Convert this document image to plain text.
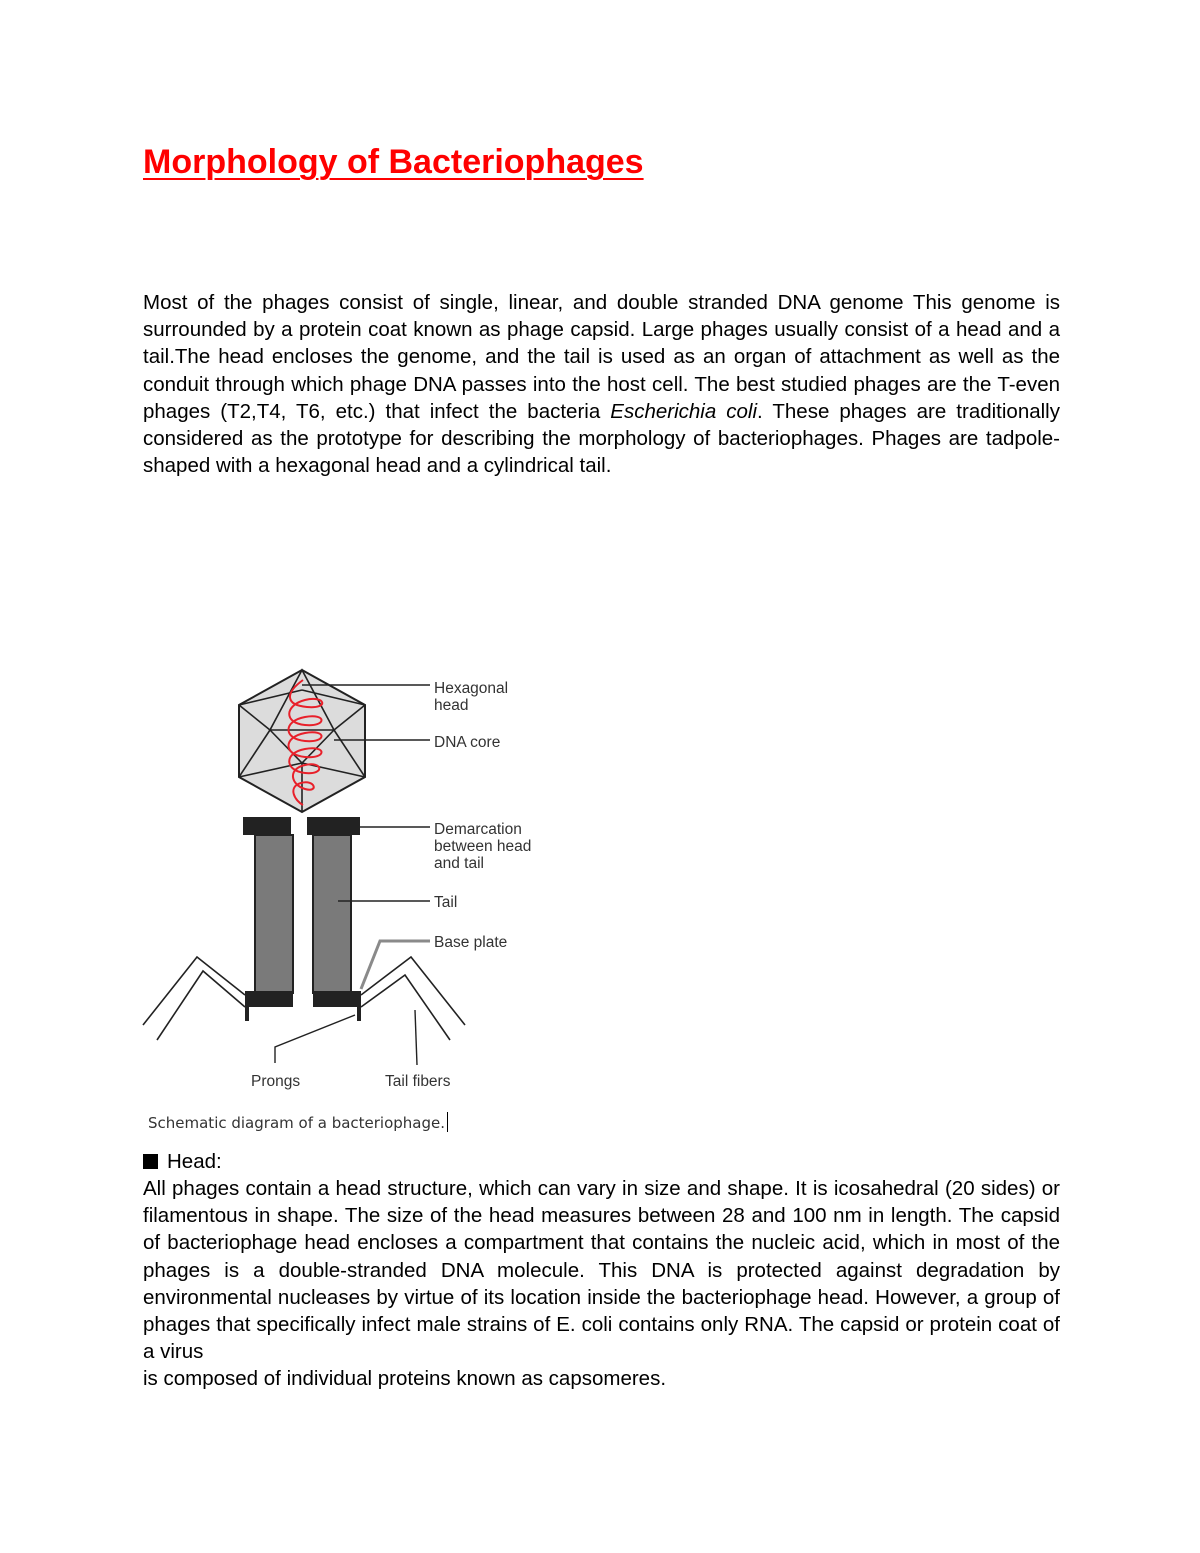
Morphology of Bacteriophages

Most of the phages consist of single, linear, and double stranded DNA genome This genome is surrounded by a protein coat known as phage capsid. Large phages usually consist of a head and a tail.The head encloses the genome, and the tail is used as an organ of attachment as well as the conduit through which phage DNA passes into the host cell. The best studied phages are the T-even phages (T2,T4, T6, etc.) that infect the bacteria Escherichia coli. These phages are traditionally considered as the prototype for describing the morphology of bacteriophages. Phages are tadpole-shaped with a hexagonal head and a cylindrical tail.

Hexagonal
head
DNA core
Demarcation
between head
and tail
Tail
Base plate
Prongs	Tail fibers

Schematic diagram of a bacteriophage.

Head:

All phages contain a head structure, which can vary in size and shape. It is icosahedral (20 sides) or filamentous in shape. The size of the head measures between 28 and 100 nm in length. The capsid of bacteriophage head encloses a compartment that contains the nucleic acid, which in most of the phages is a double-stranded DNA molecule. This DNA is protected against degradation by environmental nucleases by virtue of its location inside the bacteriophage head. However, a group of phages that specifically infect male strains of E. coli contains only RNA. The capsid or protein coat of a virus
is composed of individual proteins known as capsomeres.
